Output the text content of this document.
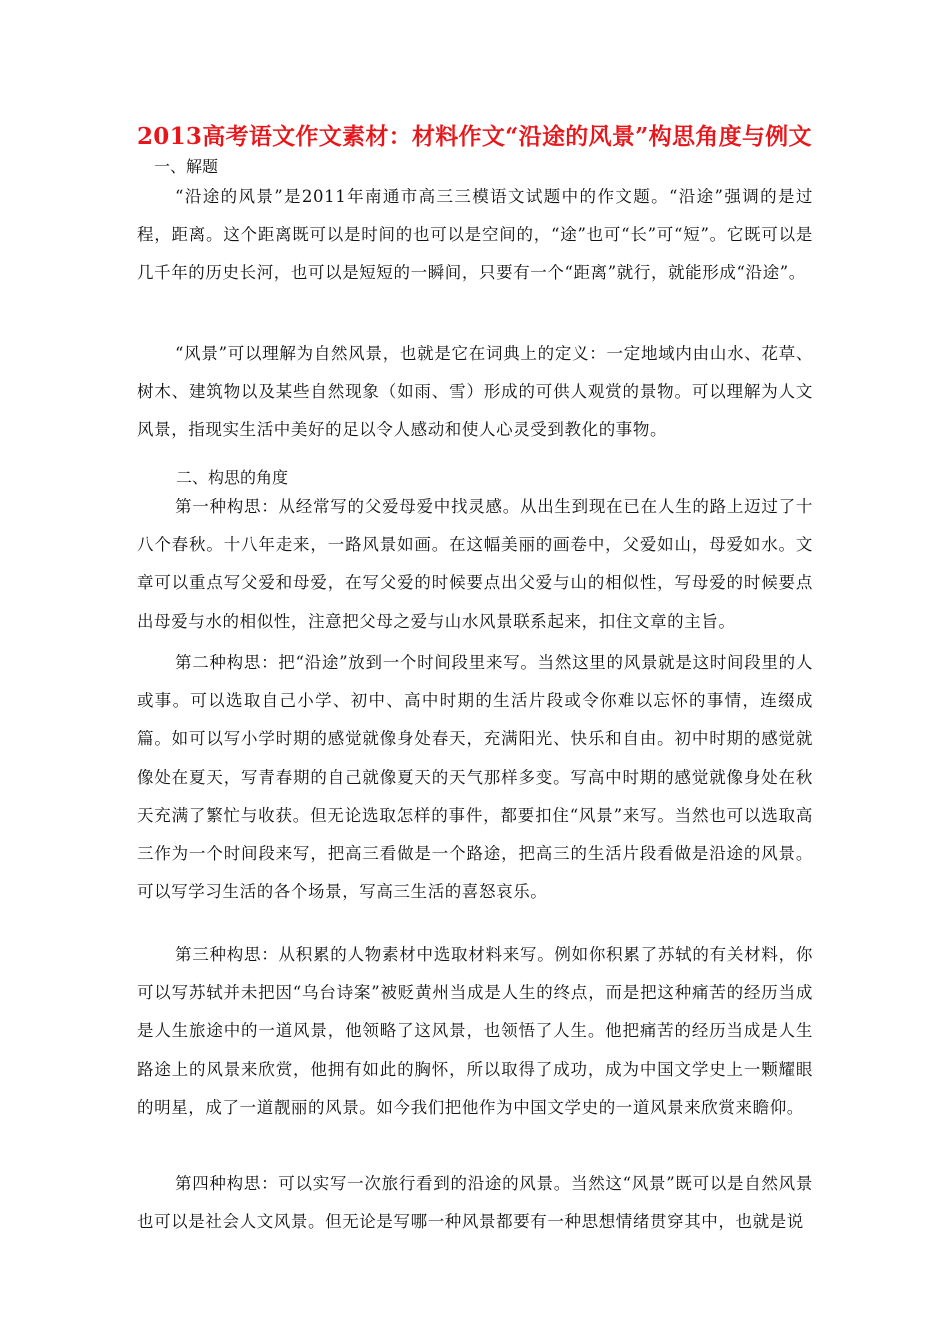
2013高考语文作文素材：材料作文“沿途的风景”构思角度与例文
一、解题

“沿途的风景”是2011年南通市高三三模语文试题中的作文题。“沿途”强调的是过程，距离。这个距离既可以是时间的也可以是空间的，“途”也可“长”可“短”。它既可以是几千年的历史长河，也可以是短短的一瞬间，只要有一个“距离”就行，就能形成“沿途”。

“风景”可以理解为自然风景，也就是它在词典上的定义：一定地域内由山水、花草、树木、建筑物以及某些自然现象（如雨、雪）形成的可供人观赏的景物。可以理解为人文风景，指现实生活中美好的足以令人感动和使人心灵受到教化的事物。

二、构思的角度

第一种构思：从经常写的父爱母爱中找灵感。从出生到现在已在人生的路上迈过了十八个春秋。十八年走来，一路风景如画。在这幅美丽的画卷中，父爱如山，母爱如水。文章可以重点写父爱和母爱，在写父爱的时候要点出父爱与山的相似性，写母爱的时候要点出母爱与水的相似性，注意把父母之爱与山水风景联系起来，扣住文章的主旨。

第二种构思：把“沿途”放到一个时间段里来写。当然这里的风景就是这时间段里的人或事。可以选取自己小学、初中、高中时期的生活片段或令你难以忘怀的事情，连缀成篇。如可以写小学时期的感觉就像身处春天，充满阳光、快乐和自由。初中时期的感觉就像处在夏天，写青春期的自己就像夏天的天气那样多变。写高中时期的感觉就像身处在秋天充满了繁忙与收获。但无论选取怎样的事件，都要扣住“风景”来写。当然也可以选取高三作为一个时间段来写，把高三看做是一个路途，把高三的生活片段看做是沿途的风景。可以写学习生活的各个场景，写高三生活的喜怒哀乐。

第三种构思：从积累的人物素材中选取材料来写。例如你积累了苏轼的有关材料，你可以写苏轼并未把因“乌台诗案”被贬黄州当成是人生的终点，而是把这种痛苦的经历当成是人生旅途中的一道风景，他领略了这风景，也领悟了人生。他把痛苦的经历当成是人生路途上的风景来欣赏，他拥有如此的胸怀，所以取得了成功，成为中国文学史上一颗耀眼的明星，成了一道靓丽的风景。如今我们把他作为中国文学史的一道风景来欣赏来瞻仰。

第四种构思：可以实写一次旅行看到的沿途的风景。当然这“风景”既可以是自然风景也可以是社会人文风景。但无论是写哪一种风景都要有一种思想情绪贯穿其中，也就是说
